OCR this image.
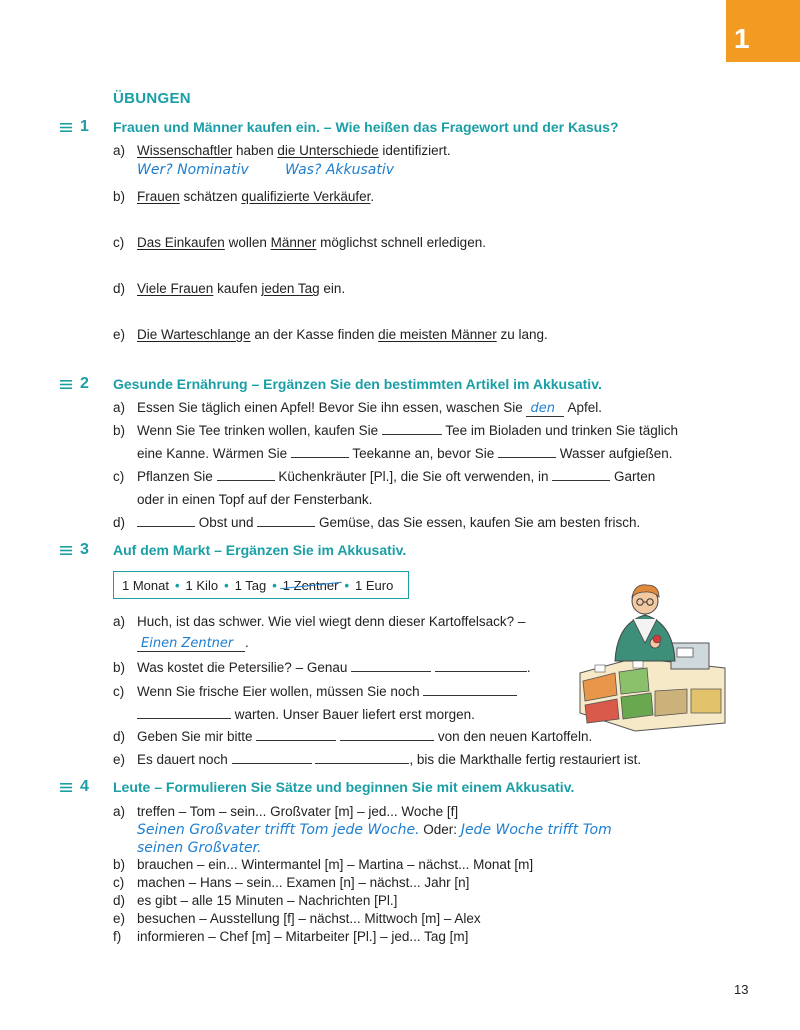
1
ÜBUNGEN
1 Frauen und Männer kaufen ein. – Wie heißen das Fragewort und der Kasus?
a) Wissenschaftler haben die Unterschiede identifiziert.
Wer? Nominativ	Was? Akkusativ
b) Frauen schätzen qualifizierte Verkäufer.
c) Das Einkaufen wollen Männer möglichst schnell erledigen.
d) Viele Frauen kaufen jeden Tag ein.
e) Die Warteschlange an der Kasse finden die meisten Männer zu lang.
2 Gesunde Ernährung – Ergänzen Sie den bestimmten Artikel im Akkusativ.
a) Essen Sie täglich einen Apfel! Bevor Sie ihn essen, waschen Sie den Apfel.
b) Wenn Sie Tee trinken wollen, kaufen Sie	Tee im Bioladen und trinken Sie täglich
eine Kanne. Wärmen Sie	Teekanne an, bevor Sie	Wasser aufgießen.
c) Pflanzen Sie	Küchenkräuter [Pl.], die Sie oft verwenden, in	Garten
oder in einen Topf auf der Fensterbank.
d)	Obst und	Gemüse, das Sie essen, kaufen Sie am besten frisch.
3 Auf dem Markt – Ergänzen Sie im Akkusativ.
1 Monat • 1 Kilo • 1 Tag • 1 Zentner • 1 Euro
a) Huch, ist das schwer. Wie viel wiegt denn dieser Kartoffelsack? –
Einen Zentner .
b) Was kostet die Petersilie? – Genau	.
c) Wenn Sie frische Eier wollen, müssen Sie noch
warten. Unser Bauer liefert erst morgen.
d) Geben Sie mir bitte	von den neuen Kartoffeln.
e) Es dauert noch	, bis die Markthalle fertig restauriert ist.
4 Leute – Formulieren Sie Sätze und beginnen Sie mit einem Akkusativ.
a) treffen – Tom – sein... Großvater [m] – jed... Woche [f]
Seinen Großvater trifft Tom jede Woche. Oder: Jede Woche trifft Tom
seinen Großvater.
b) brauchen – ein... Wintermantel [m] – Martina – nächst... Monat [m]
c) machen – Hans – sein... Examen [n] – nächst... Jahr [n]
d) es gibt – alle 15 Minuten – Nachrichten [Pl.]
e) besuchen – Ausstellung [f] – nächst... Mittwoch [m] – Alex
f) informieren – Chef [m] – Mitarbeiter [Pl.] – jed... Tag [m]
13
